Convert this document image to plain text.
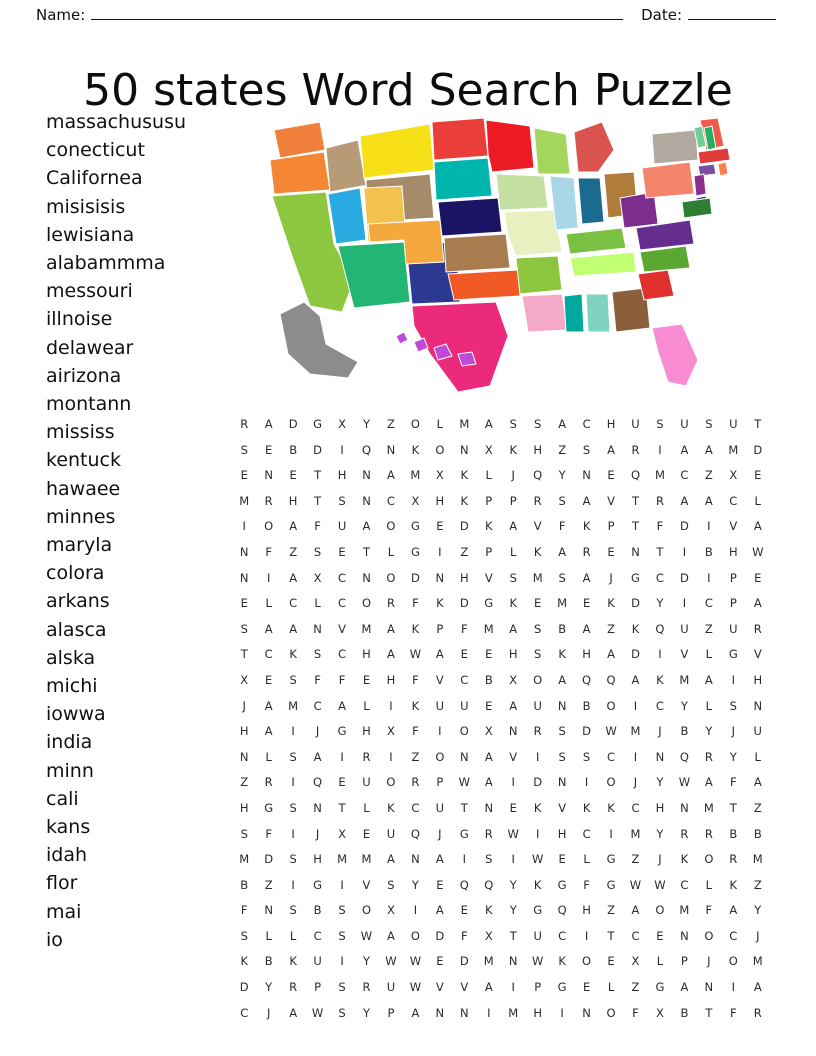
Name:	Date:
50 states Word Search Puzzle
massachususu
conecticut
Californea
misisisis
lewisiana
alabammma
messouri
illnoise
delawear
airizona
montann
mississ
kentuck
hawaee
minnes
maryla
colora
arkans
alasca
alska
michi
iowwa
india
minn
cali
kans
idah
flor
mai
io
R	A	D	G	X	Y	Z	O	L	M	A	S	S	A	C	H	U	S	U	S	U	T
S	E	B	D	I	Q	N	K	O	N	X	K	H	Z	S	A	R	I	A	A	M	D
E	N	E	T	H	N	A	M	X	K	L	J	Q	Y	N	E	Q	M	C	Z	X	E
M	R	H	T	S	N	C	X	H	K	P	P	R	S	A	V	T	R	A	A	C	L
I	O	A	F	U	A	O	G	E	D	K	A	V	F	K	P	T	F	D	I	V	A
N	F	Z	S	E	T	L	G	I	Z	P	L	K	A	R	E	N	T	I	B	H	W
N	I	A	X	C	N	O	D	N	H	V	S	M	S	A	J	G	C	D	I	P	E
E	L	C	L	C	O	R	F	K	D	G	K	E	M	E	K	D	Y	I	C	P	A
S	A	A	N	V	M	A	K	P	F	M	A	S	B	A	Z	K	Q	U	Z	U	R
T	C	K	S	C	H	A	W	A	E	E	H	S	K	H	A	D	I	V	L	G	V
X	E	S	F	F	E	H	F	V	C	B	X	O	A	Q	Q	A	K	M	A	I	H
J	A	M	C	A	L	I	K	U	U	E	A	U	N	B	O	I	C	Y	L	S	N
H	A	I	J	G	H	X	F	I	O	X	N	R	S	D	W	M	J	B	Y	J	U
N	L	S	A	I	R	I	Z	O	N	A	V	I	S	S	C	I	N	Q	R	Y	L
Z	R	I	Q	E	U	O	R	P	W	A	I	D	N	I	O	J	Y	W	A	F	A
H	G	S	N	T	L	K	C	U	T	N	E	K	V	K	K	C	H	N	M	T	Z
S	F	I	J	X	E	U	Q	J	G	R	W	I	H	C	I	M	Y	R	R	B	B
M	D	S	H	M	M	A	N	A	I	S	I	W	E	L	G	Z	J	K	O	R	M
B	Z	I	G	I	V	S	Y	E	Q	Q	Y	K	G	F	G	W	W	C	L	K	Z
F	N	S	B	S	O	X	I	A	E	K	Y	G	Q	H	Z	A	O	M	F	A	Y
S	L	L	C	S	W	A	O	D	F	X	T	U	C	I	T	C	E	N	O	C	J
K	B	K	U	I	Y	W	W	E	D	M	N	W	K	O	E	X	L	P	J	O	M
D	Y	R	P	S	R	U	W	V	V	A	I	P	G	E	L	Z	G	A	N	I	A
C	J	A	W	S	Y	P	A	N	N	I	M	H	I	N	O	F	X	B	T	F	R
